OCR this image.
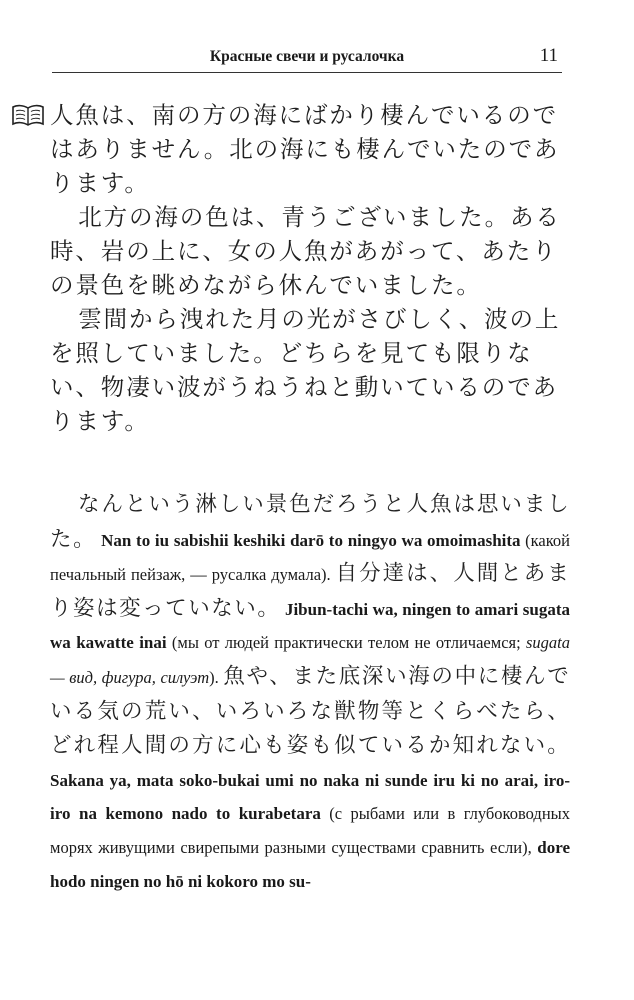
Красные свечи и русалочка	11

人魚は、南の方の海にばかり棲んでいるのではありません。北の海にも棲んでいたのであります。

北方の海の色は、青うございました。ある時、岩の上に、女の人魚があがって、あたりの景色を眺めながら休んでいました。

雲間から洩れた月の光がさびしく、波の上を照していました。どちらを見ても限りない、物凄い波がうねうねと動いているのであります。

なんという淋しい景色だろうと人魚は思いました。 Nan to iu sabishii keshiki darō to ningyo wa omoimashita (какой печальный пейзаж, — русалка думала). 自分達は、人間とあまり姿は変っていない。 Jibun-tachi wa, ningen to amari sugata wa kawatte inai (мы от людей практически телом не отличаемся; sugata — вид, фигура, силуэт). 魚や、また底深い海の中に棲んでいる気の荒い、いろいろな獣物等とくらべたら、どれ程人間の方に心も姿も似ているか知れない。 Sakana ya, mata soko-bukai umi no naka ni sunde iru ki no arai, iro-iro na kemono nado to kurabetara (с рыбами или в глубоководных морях живущими свирепыми разными существами сравнить если), dore hodo ningen no hō ni kokoro mo su-
